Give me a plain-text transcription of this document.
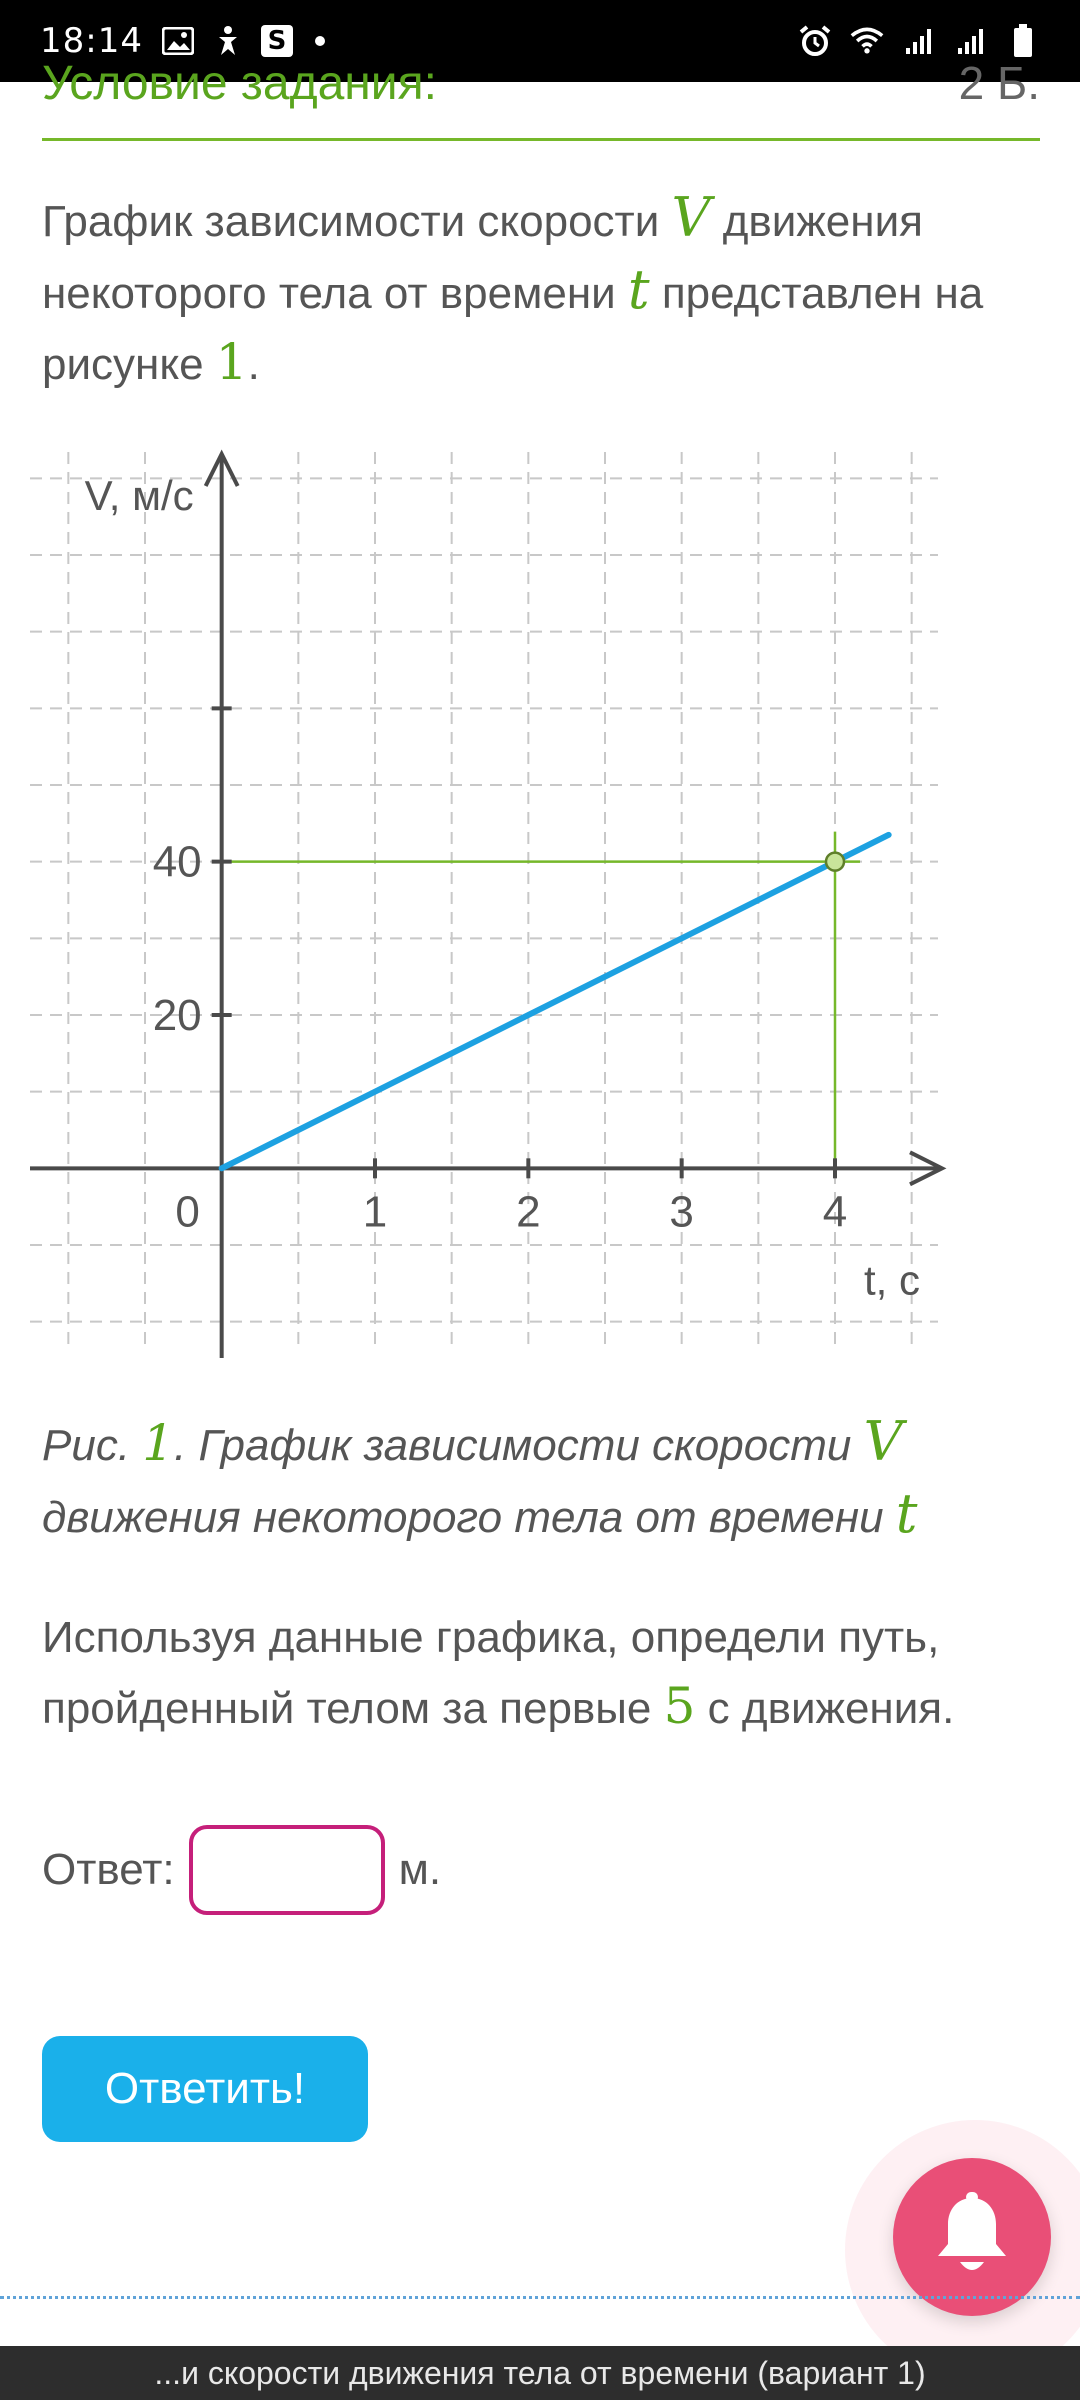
18:14	S
Условие задания:	2 Б.
График зависимости скорости V движения некоторого тела от времени t представлен на рисунке 1.
0	1	2	3	4
20
40
V, м/с
t, с
Рис. 1. График зависимости скорости V движения некоторого тела от времени t
Используя данные графика, определи путь, пройденный телом за первые 5 с движения.
Ответ:	м.
Ответить!
...и скорости движения тела от времени (вариант 1)
